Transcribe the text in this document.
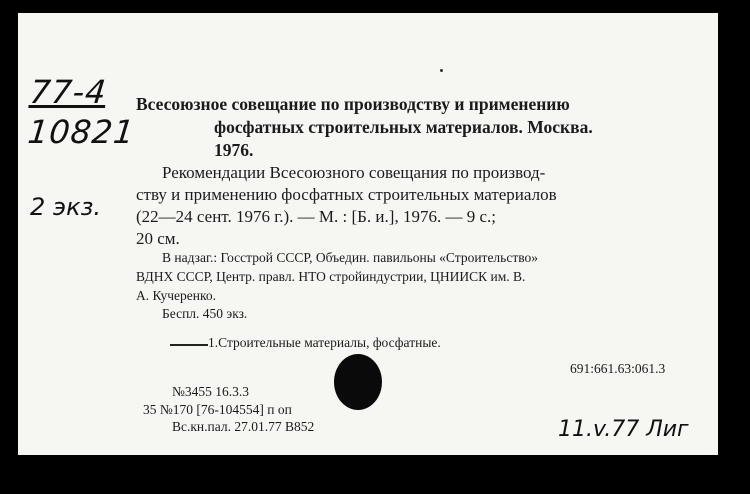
77-4
10821
2 экз.
Всесоюзное совещание по производству и применению
фосфатных строительных материалов. Москва.
1976.
Рекомендации Всесоюзного совещания по производ-
ству и применению фосфатных строительных материалов
(22—24 сент. 1976 г.). — М. : [Б. и.], 1976. — 9 с.;
20 см.
В надзаг.: Госстрой СССР, Объедин. павильоны «Строительство»
ВДНХ СССР, Центр. правл. НТО стройиндустрии, ЦНИИСК им. В.
А. Кучеренко.
Беспл. 450 экз.
1.Строительные материалы, фосфатные.
691:661.63:061.3
№3455 16.3.3
35 №170 [76-104554] п оп
Вс.кн.пал. 27.01.77 В852	11.v.77 Лиг
